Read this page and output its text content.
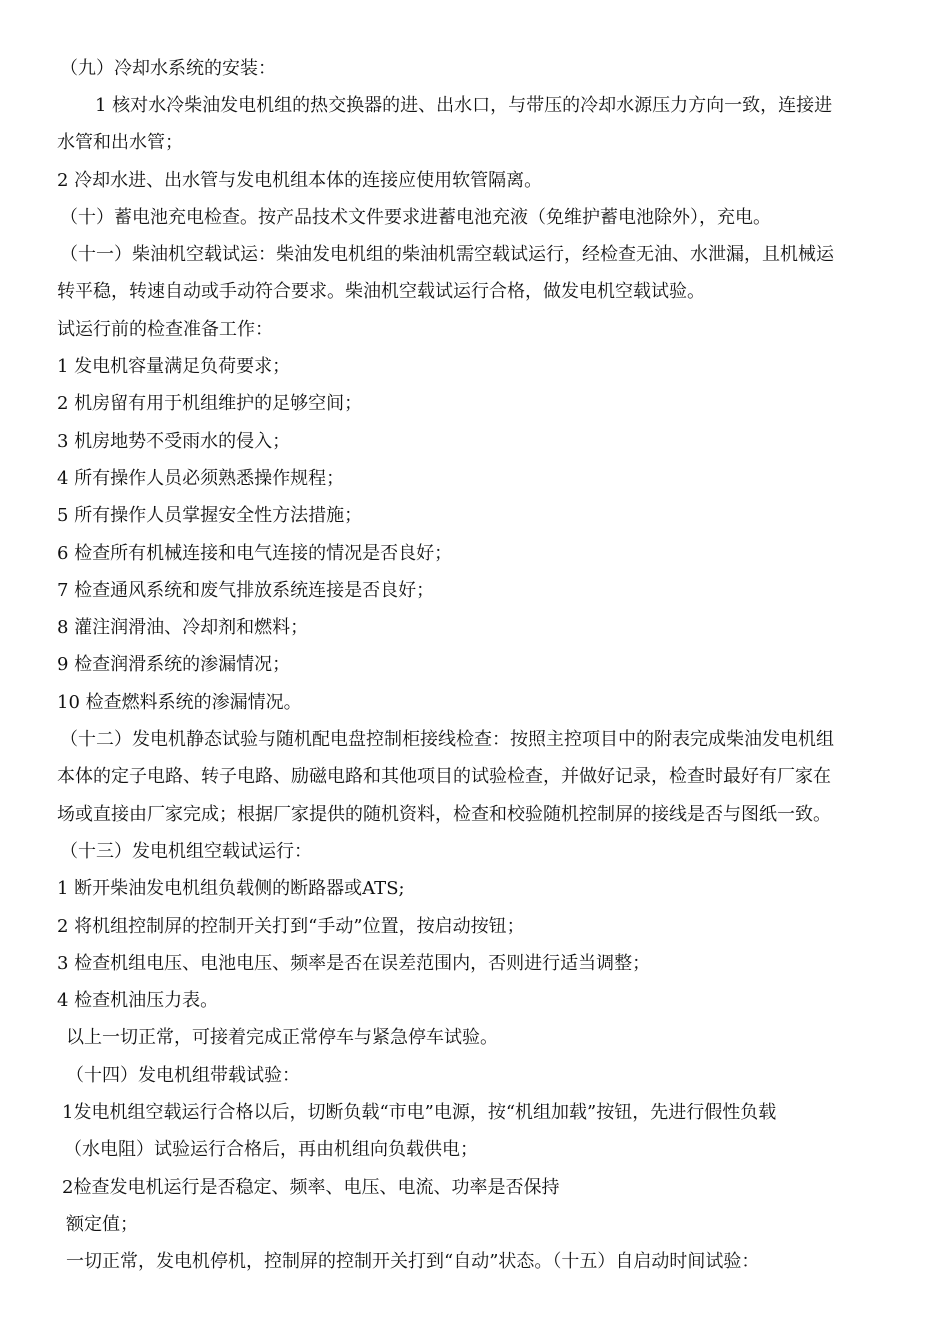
（九）冷却水系统的安装：
1 核对水冷柴油发电机组的热交换器的进、出水口，与带压的冷却水源压力方向一致，连接进
水管和出水管；
2 冷却水进、出水管与发电机组本体的连接应使用软管隔离。
（十）蓄电池充电检查。按产品技术文件要求进蓄电池充液（免维护蓄电池除外），充电。
（十一）柴油机空载试运：柴油发电机组的柴油机需空载试运行，经检查无油、水泄漏，且机械运
转平稳，转速自动或手动符合要求。柴油机空载试运行合格，做发电机空载试验。
试运行前的检查准备工作：
1 发电机容量满足负荷要求；
2 机房留有用于机组维护的足够空间；
3 机房地势不受雨水的侵入；
4 所有操作人员必须熟悉操作规程；
5 所有操作人员掌握安全性方法措施；
6 检查所有机械连接和电气连接的情况是否良好；
7 检查通风系统和废气排放系统连接是否良好；
8 灌注润滑油、冷却剂和燃料；
9 检查润滑系统的渗漏情况；
10 检查燃料系统的渗漏情况。
（十二）发电机静态试验与随机配电盘控制柜接线检查：按照主控项目中的附表完成柴油发电机组
本体的定子电路、转子电路、励磁电路和其他项目的试验检查，并做好记录，检查时最好有厂家在
场或直接由厂家完成；根据厂家提供的随机资料，检查和校验随机控制屏的接线是否与图纸一致。
（十三）发电机组空载试运行：
1 断开柴油发电机组负载侧的断路器或ATS;
2 将机组控制屏的控制开关打到“手动”位置，按启动按钮；
3 检查机组电压、电池电压、频率是否在误差范围内，否则进行适当调整；
4 检查机油压力表。
以上一切正常，可接着完成正常停车与紧急停车试验。
（十四）发电机组带载试验：
1发电机组空载运行合格以后，切断负载“市电”电源，按“机组加载”按钮，先进行假性负载
（水电阻）试验运行合格后，再由机组向负载供电；
2检查发电机运行是否稳定、频率、电压、电流、功率是否保持
额定值；
一切正常，发电机停机，控制屏的控制开关打到“自动”状态。（十五）自启动时间试验：
